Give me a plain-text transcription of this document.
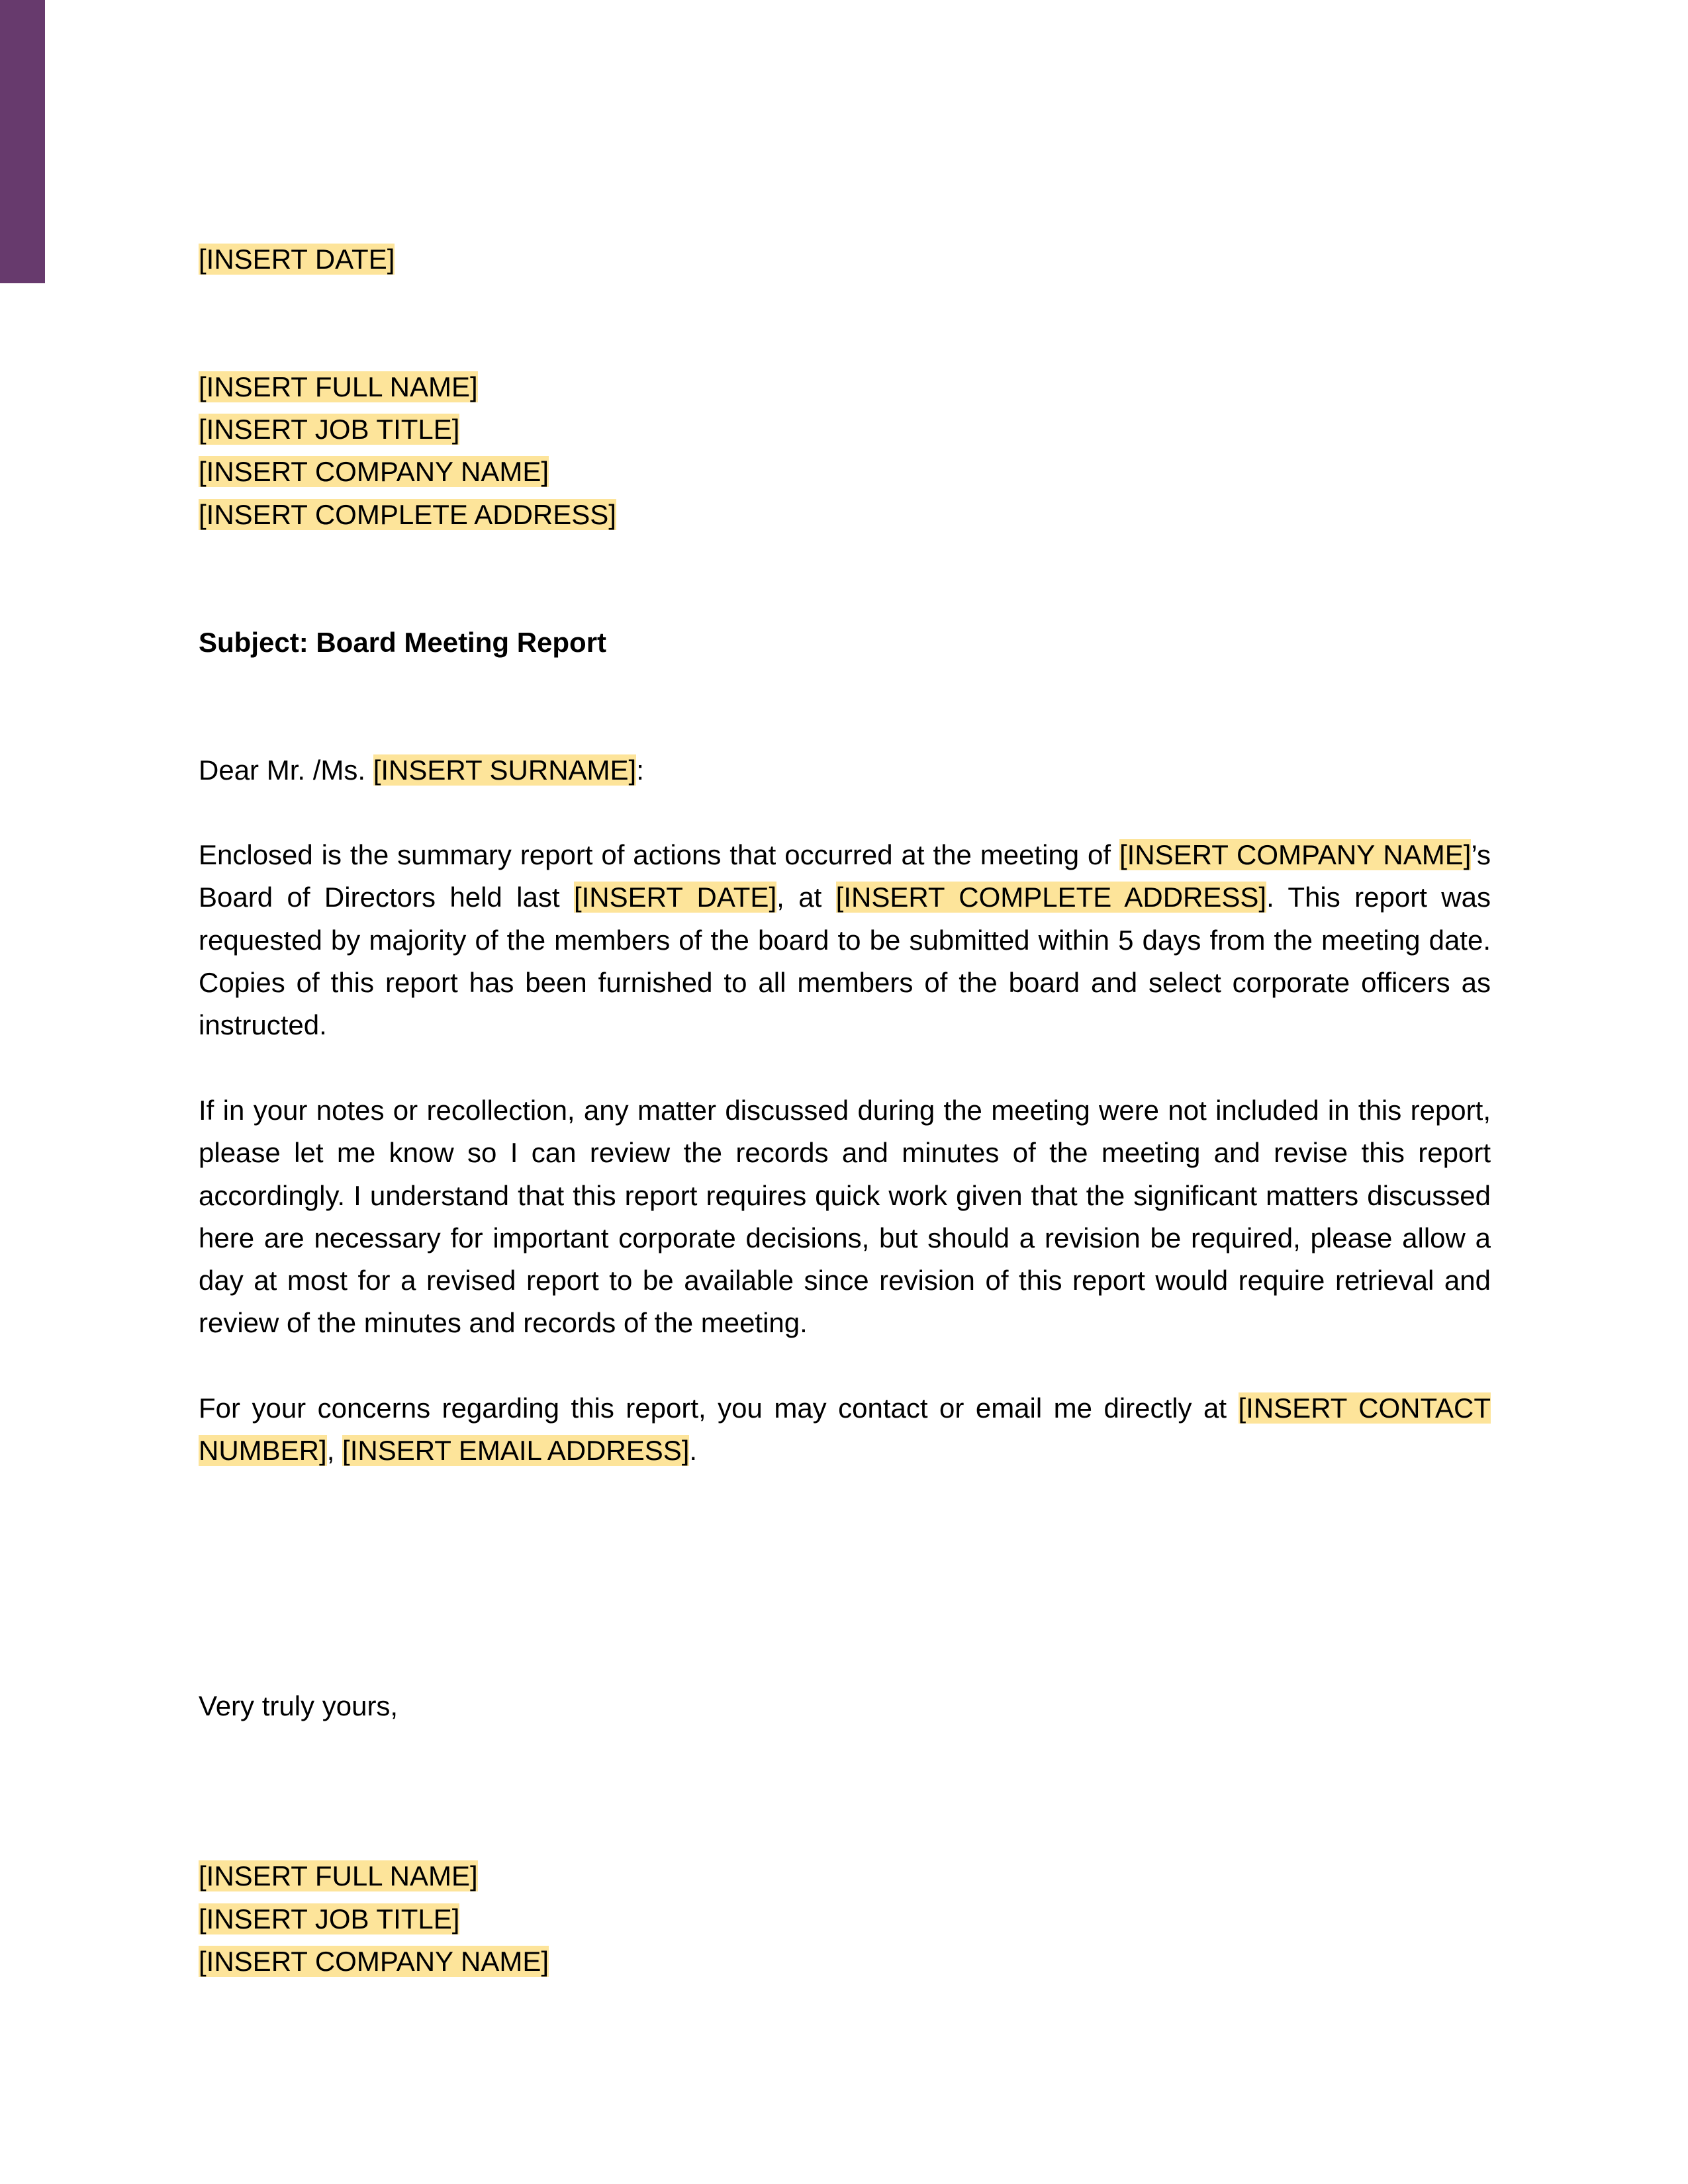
[INSERT DATE]
[INSERT FULL NAME]
[INSERT JOB TITLE]
[INSERT COMPANY NAME]
[INSERT COMPLETE ADDRESS]
Subject: Board Meeting Report
Dear Mr. /Ms. [INSERT SURNAME]:

Enclosed is the summary report of actions that occurred at the meeting of [INSERT COMPANY NAME]’s Board of Directors held last [INSERT DATE], at [INSERT COMPLETE ADDRESS]. This report was requested by majority of the members of the board to be submitted within 5 days from the meeting date. Copies of this report has been furnished to all members of the board and select corporate officers as instructed.

If in your notes or recollection, any matter discussed during the meeting were not included in this report, please let me know so I can review the records and minutes of the meeting and revise this report accordingly. I understand that this report requires quick work given that the significant matters discussed here are necessary for important corporate decisions, but should a revision be required, please allow a day at most for a revised report to be available since revision of this report would require retrieval and review of the minutes and records of the meeting.

For your concerns regarding this report, you may contact or email me directly at [INSERT CONTACT NUMBER], [INSERT EMAIL ADDRESS].

Very truly yours,
[INSERT FULL NAME]
[INSERT JOB TITLE]
[INSERT COMPANY NAME]
